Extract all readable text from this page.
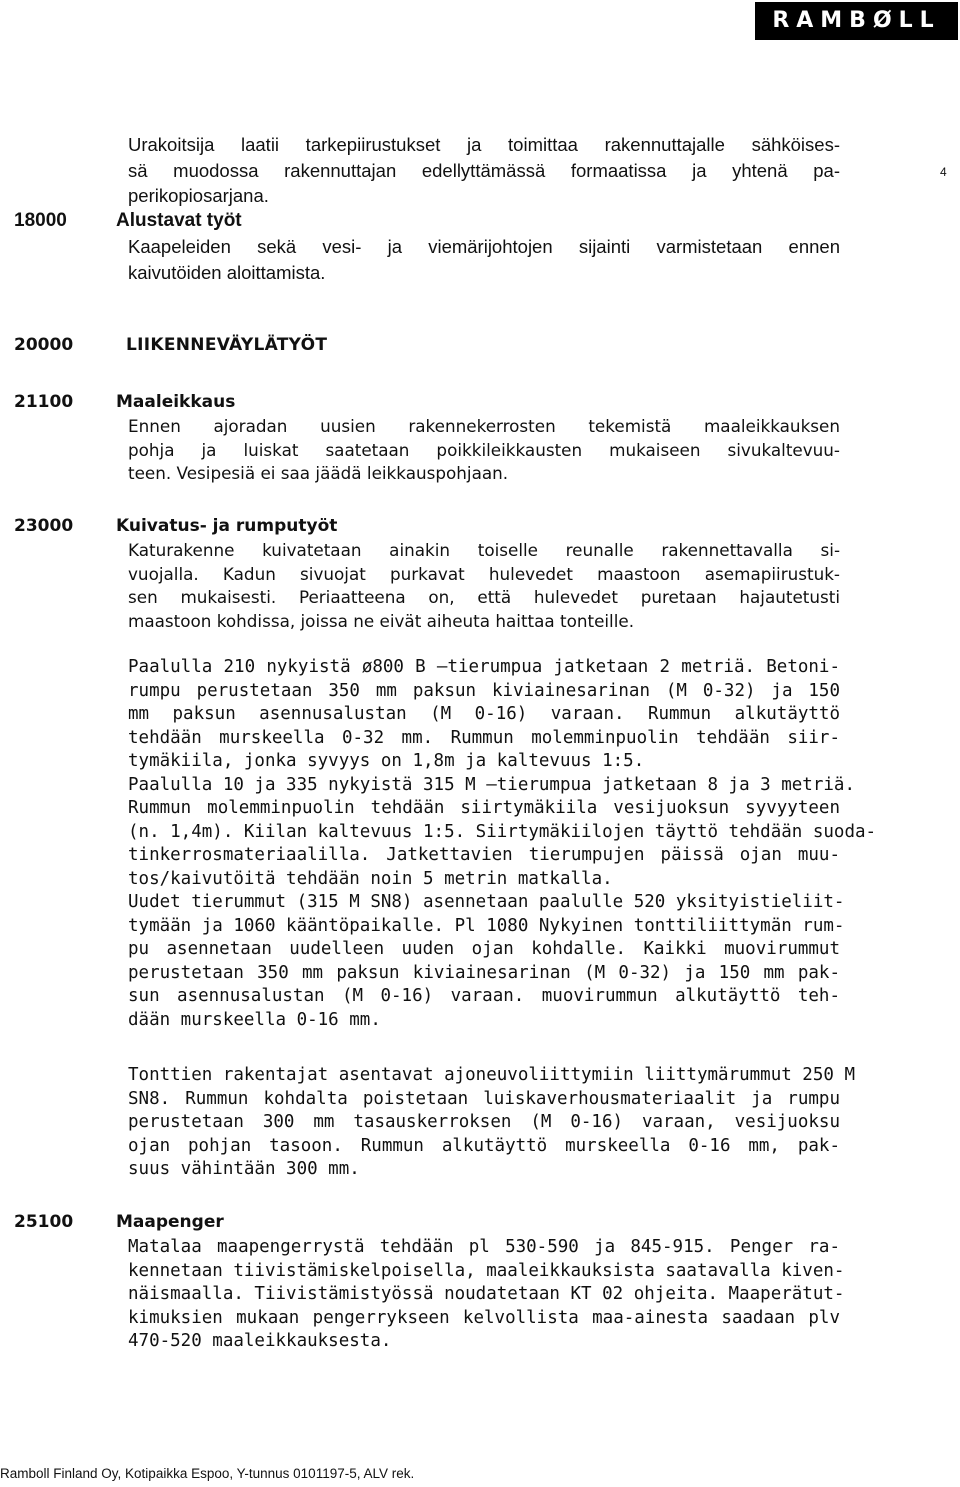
RAMBØLL
4
Urakoitsija laatii tarkepiirustukset ja toimittaa rakennuttajalle sähköises-
sä muodossa rakennuttajan edellyttämässä formaatissa ja yhtenä pa-
perikopiosarjana.
18000	Alustavat työt
Kaapeleiden sekä vesi- ja viemärijohtojen sijainti varmistetaan ennen
kaivutöiden aloittamista.
20000	LIIKENNEVÄYLÄTYÖT
21100	Maaleikkaus
Ennen ajoradan uusien rakennekerrosten tekemistä maaleikkauksen
pohja ja luiskat saatetaan poikkileikkausten mukaiseen sivukaltevuu-
teen. Vesipesiä ei saa jäädä leikkauspohjaan.
23000	Kuivatus- ja rumputyöt
Katurakenne kuivatetaan ainakin toiselle reunalle rakennettavalla si-
vuojalla. Kadun sivuojat purkavat hulevedet maastoon asemapiirustuk-
sen mukaisesti. Periaatteena on, että hulevedet puretaan hajautetusti
maastoon kohdissa, joissa ne eivät aiheuta haittaa tonteille.
Paalulla 210 nykyistä ø800 B –tierumpua jatketaan 2 metriä. Betoni-
rumpu perustetaan 350 mm paksun kiviainesarinan (M 0-32) ja 150
mm paksun asennusalustan (M 0-16) varaan. Rummun alkutäyttö
tehdään murskeella 0-32 mm. Rummun molemminpuolin tehdään siir-
tymäkiila, jonka syvyys on 1,8m ja kaltevuus 1:5.
Paalulla 10 ja 335 nykyistä 315 M –tierumpua jatketaan 8 ja 3 metriä.
Rummun molemminpuolin tehdään siirtymäkiila vesijuoksun syvyyteen
(n. 1,4m). Kiilan kaltevuus 1:5. Siirtymäkiilojen täyttö tehdään suoda-
tinkerrosmateriaalilla. Jatkettavien tierumpujen päissä ojan muu-
tos/kaivutöitä tehdään noin 5 metrin matkalla.
Uudet tierummut (315 M SN8) asennetaan paalulle 520 yksityistieliit-
tymään ja 1060 kääntöpaikalle. Pl 1080 Nykyinen tonttiliittymän rum-
pu asennetaan uudelleen uuden ojan kohdalle. Kaikki muovirummut
perustetaan 350 mm paksun kiviainesarinan (M 0-32) ja 150 mm pak-
sun asennusalustan (M 0-16) varaan. muovirummun alkutäyttö teh-
dään murskeella 0-16 mm.
Tonttien rakentajat asentavat ajoneuvoliittymiin liittymärummut 250 M
SN8. Rummun kohdalta poistetaan luiskaverhousmateriaalit ja rumpu
perustetaan 300 mm tasauskerroksen (M 0-16) varaan, vesijuoksu
ojan pohjan tasoon. Rummun alkutäyttö murskeella 0-16 mm, pak-
suus vähintään 300 mm.
25100	Maapenger
Matalaa maapengerrystä tehdään pl 530-590 ja 845-915. Penger ra-
kennetaan tiivistämiskelpoisella, maaleikkauksista saatavalla kiven-
näismaalla. Tiivistämistyössä noudatetaan KT 02 ohjeita. Maaperätut-
kimuksien mukaan pengerrykseen kelvollista maa-ainesta saadaan plv
470-520 maaleikkauksesta.
Ramboll Finland Oy, Kotipaikka Espoo, Y-tunnus 0101197-5, ALV rek.
